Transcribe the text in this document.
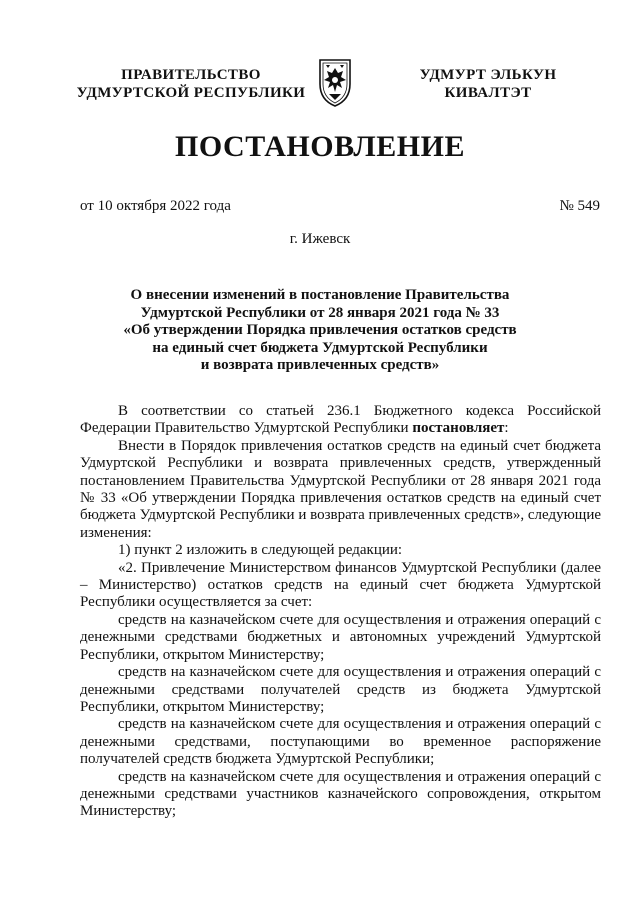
ПРАВИТЕЛЬСТВО
УДМУРТСКОЙ РЕСПУБЛИКИ
УДМУРТ ЭЛЬКУН
КИВАЛТЭТ
ПОСТАНОВЛЕНИЕ
от 10 октября 2022 года	№ 549
г. Ижевск
О внесении изменений в постановление Правительства
Удмуртской Республики от 28 января 2021 года № 33
«Об утверждении Порядка привлечения остатков средств
на единый счет бюджета Удмуртской Республики
и возврата привлеченных средств»

В соответствии со статьей 236.1 Бюджетного кодекса Российской Федерации Правительство Удмуртской Республики постановляет:

Внести в Порядок привлечения остатков средств на единый счет бюджета Удмуртской Республики и возврата привлеченных средств, утвержденный постановлением Правительства Удмуртской Республики от 28 января 2021 года № 33 «Об утверждении Порядка привлечения остатков средств на единый счет бюджета Удмуртской Республики и возврата привлеченных средств», следующие изменения:

1) пункт 2 изложить в следующей редакции:

«2. Привлечение Министерством финансов Удмуртской Республики (далее – Министерство) остатков средств на единый счет бюджета Удмуртской Республики осуществляется за счет:

средств на казначейском счете для осуществления и отражения операций с денежными средствами бюджетных и автономных учреждений Удмуртской Республики, открытом Министерству;

средств на казначейском счете для осуществления и отражения операций с денежными средствами получателей средств из бюджета Удмуртской Республики, открытом Министерству;

средств на казначейском счете для осуществления и отражения операций с денежными средствами, поступающими во временное распоряжение получателей средств бюджета Удмуртской Республики;

средств на казначейском счете для осуществления и отражения операций с денежными средствами участников казначейского сопровождения, открытом Министерству;
